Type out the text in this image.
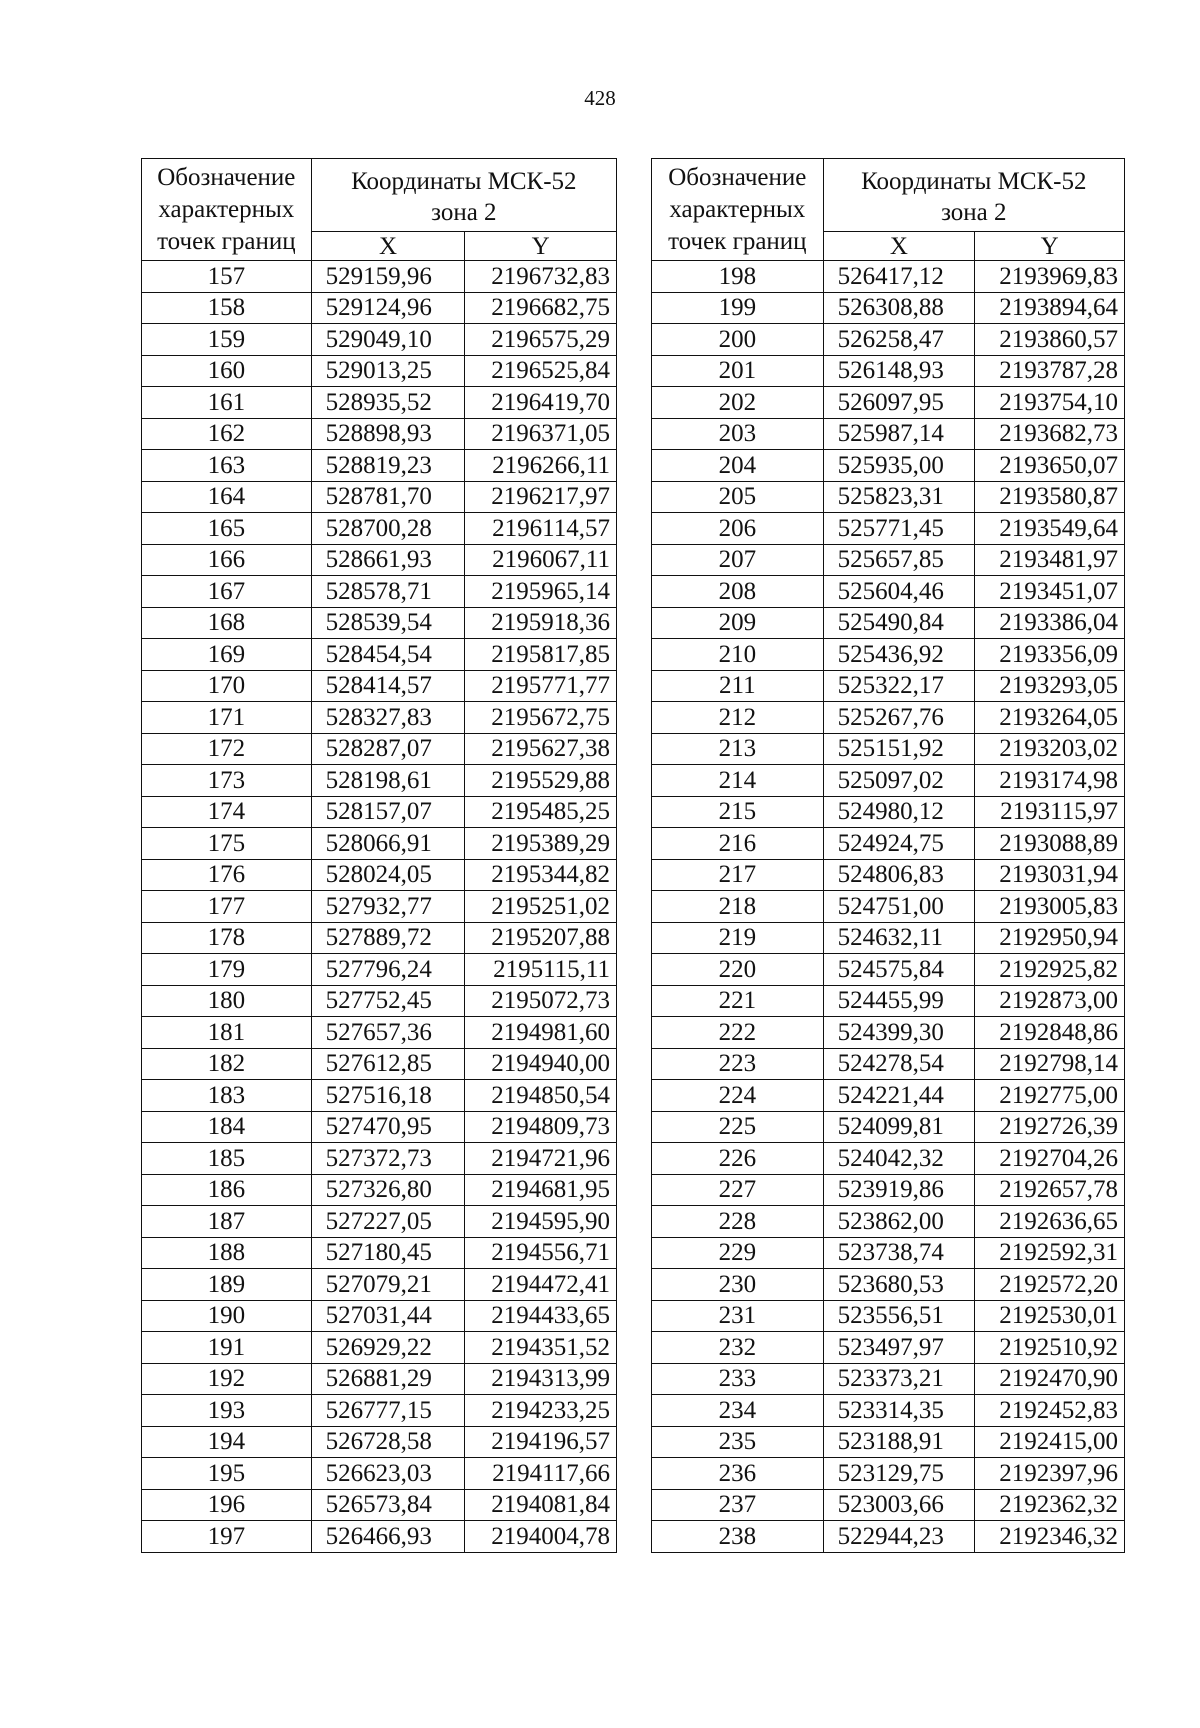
428
Обозначение
характерных
точек границ	Координаты МСК-52
зона 2	
	X	Y
157	529159,96	2196732,83
158	529124,96	2196682,75
159	529049,10	2196575,29
160	529013,25	2196525,84
161	528935,52	2196419,70
162	528898,93	2196371,05
163	528819,23	2196266,11
164	528781,70	2196217,97
165	528700,28	2196114,57
166	528661,93	2196067,11
167	528578,71	2195965,14
168	528539,54	2195918,36
169	528454,54	2195817,85
170	528414,57	2195771,77
171	528327,83	2195672,75
172	528287,07	2195627,38
173	528198,61	2195529,88
174	528157,07	2195485,25
175	528066,91	2195389,29
176	528024,05	2195344,82
177	527932,77	2195251,02
178	527889,72	2195207,88
179	527796,24	2195115,11
180	527752,45	2195072,73
181	527657,36	2194981,60
182	527612,85	2194940,00
183	527516,18	2194850,54
184	527470,95	2194809,73
185	527372,73	2194721,96
186	527326,80	2194681,95
187	527227,05	2194595,90
188	527180,45	2194556,71
189	527079,21	2194472,41
190	527031,44	2194433,65
191	526929,22	2194351,52
192	526881,29	2194313,99
193	526777,15	2194233,25
194	526728,58	2194196,57
195	526623,03	2194117,66
196	526573,84	2194081,84
197	526466,93	2194004,78
Обозначение
характерных
точек границ	Координаты МСК-52
зона 2	
	X	Y
198	526417,12	2193969,83
199	526308,88	2193894,64
200	526258,47	2193860,57
201	526148,93	2193787,28
202	526097,95	2193754,10
203	525987,14	2193682,73
204	525935,00	2193650,07
205	525823,31	2193580,87
206	525771,45	2193549,64
207	525657,85	2193481,97
208	525604,46	2193451,07
209	525490,84	2193386,04
210	525436,92	2193356,09
211	525322,17	2193293,05
212	525267,76	2193264,05
213	525151,92	2193203,02
214	525097,02	2193174,98
215	524980,12	2193115,97
216	524924,75	2193088,89
217	524806,83	2193031,94
218	524751,00	2193005,83
219	524632,11	2192950,94
220	524575,84	2192925,82
221	524455,99	2192873,00
222	524399,30	2192848,86
223	524278,54	2192798,14
224	524221,44	2192775,00
225	524099,81	2192726,39
226	524042,32	2192704,26
227	523919,86	2192657,78
228	523862,00	2192636,65
229	523738,74	2192592,31
230	523680,53	2192572,20
231	523556,51	2192530,01
232	523497,97	2192510,92
233	523373,21	2192470,90
234	523314,35	2192452,83
235	523188,91	2192415,00
236	523129,75	2192397,96
237	523003,66	2192362,32
238	522944,23	2192346,32
